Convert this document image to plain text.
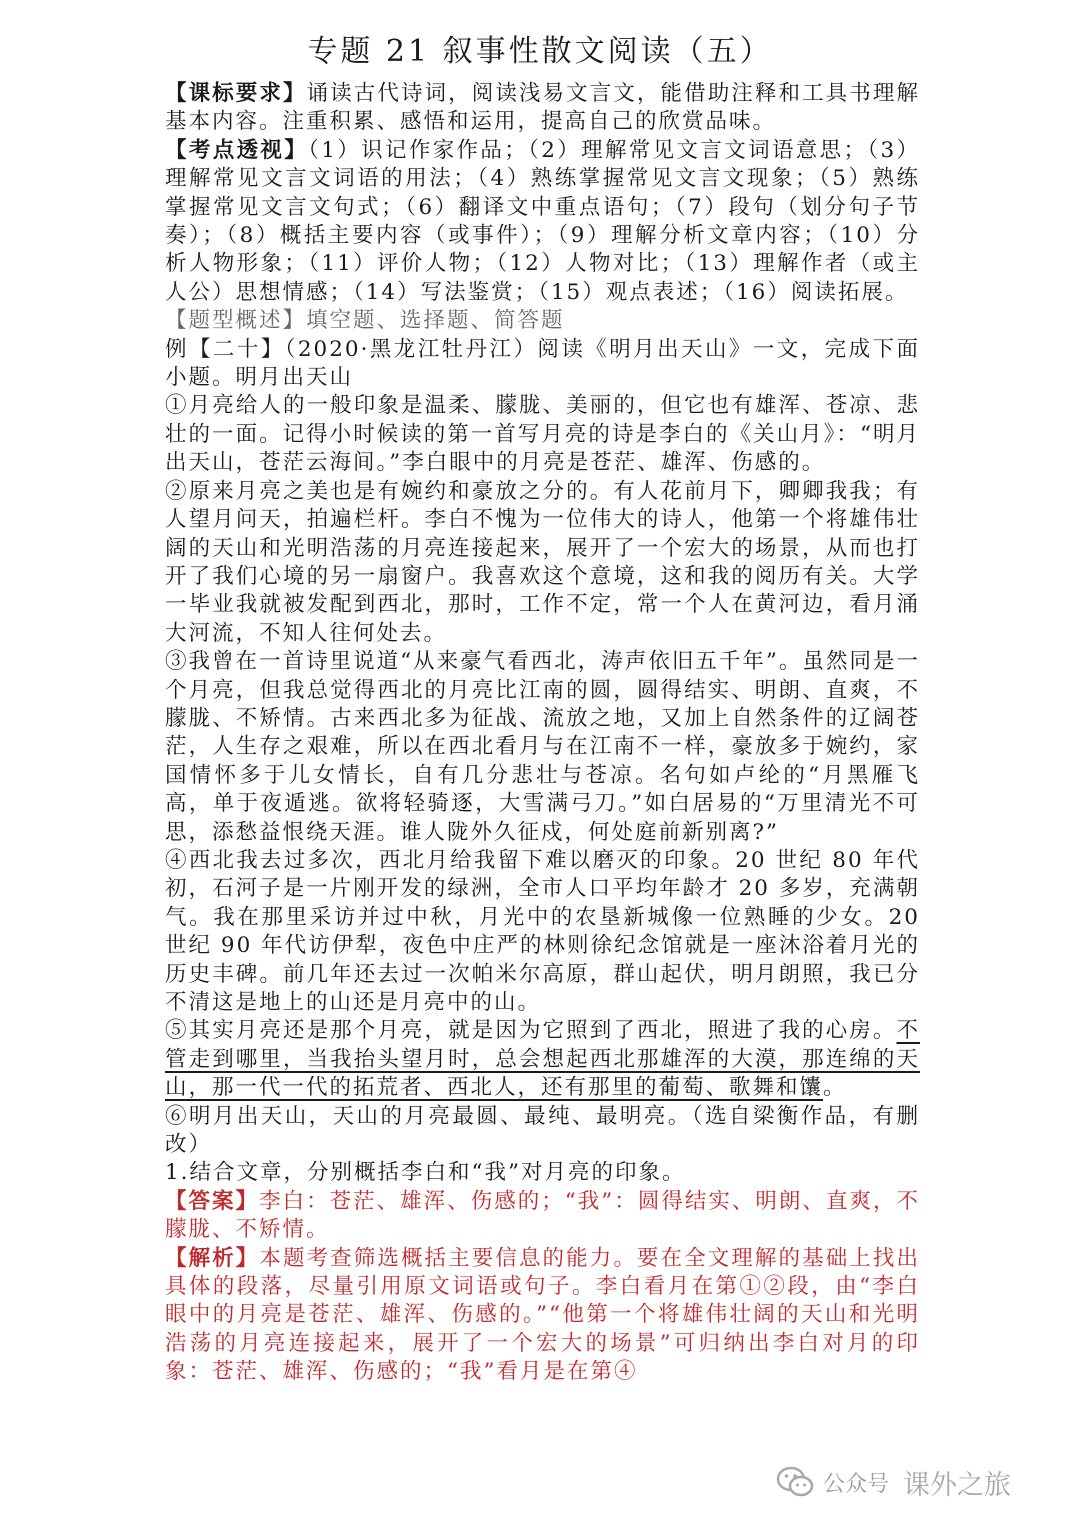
专题 21 叙事性散文阅读（五）

【课标要求】诵读古代诗词，阅读浅易文言文，能借助注释和工具书理解基本内容。注重积累、感悟和运用，提高自己的欣赏品味。

【考点透视】（1）识记作家作品；（2）理解常见文言文词语意思；（3）理解常见文言文词语的用法；（4）熟练掌握常见文言文现象；（5）熟练掌握常见文言文句式；（6）翻译文中重点语句；（7）段句（划分句子节奏）；（8）概括主要内容（或事件）；（9）理解分析文章内容；（10）分析人物形象；（11）评价人物；（12）人物对比；（13）理解作者（或主人公）思想情感；（14）写法鉴赏；（15）观点表述；（16）阅读拓展。

【题型概述】填空题、选择题、简答题

例【二十】（2020·黑龙江牡丹江）阅读《明月出天山》一文，完成下面小题。明月出天山

①月亮给人的一般印象是温柔、朦胧、美丽的，但它也有雄浑、苍凉、悲壮的一面。记得小时候读的第一首写月亮的诗是李白的《关山月》：“明月出天山，苍茫云海间。”李白眼中的月亮是苍茫、雄浑、伤感的。

②原来月亮之美也是有婉约和豪放之分的。有人花前月下，卿卿我我；有人望月问天，拍遍栏杆。李白不愧为一位伟大的诗人，他第一个将雄伟壮阔的天山和光明浩荡的月亮连接起来，展开了一个宏大的场景，从而也打开了我们心境的另一扇窗户。我喜欢这个意境，这和我的阅历有关。大学一毕业我就被发配到西北，那时，工作不定，常一个人在黄河边，看月涌大河流，不知人往何处去。

③我曾在一首诗里说道“从来豪气看西北，涛声依旧五千年”。虽然同是一个月亮，但我总觉得西北的月亮比江南的圆，圆得结实、明朗、直爽，不朦胧、不矫情。古来西北多为征战、流放之地，又加上自然条件的辽阔苍茫，人生存之艰难，所以在西北看月与在江南不一样，豪放多于婉约，家国情怀多于儿女情长，自有几分悲壮与苍凉。名句如卢纶的“月黑雁飞高，单于夜遁逃。欲将轻骑逐，大雪满弓刀。”如白居易的“万里清光不可思，添愁益恨绕天涯。谁人陇外久征戍，何处庭前新别离?”

④西北我去过多次，西北月给我留下难以磨灭的印象。20 世纪 80 年代初，石河子是一片刚开发的绿洲，全市人口平均年龄才 20 多岁，充满朝气。我在那里采访并过中秋，月光中的农垦新城像一位熟睡的少女。20 世纪 90 年代访伊犁，夜色中庄严的林则徐纪念馆就是一座沐浴着月光的历史丰碑。前几年还去过一次帕米尔高原，群山起伏，明月朗照，我已分不清这是地上的山还是月亮中的山。

⑤其实月亮还是那个月亮，就是因为它照到了西北，照进了我的心房。不管走到哪里，当我抬头望月时，总会想起西北那雄浑的大漠，那连绵的天山，那一代一代的拓荒者、西北人，还有那里的葡萄、歌舞和馕。

⑥明月出天山，天山的月亮最圆、最纯、最明亮。（选自梁衡作品，有删改）

1.结合文章，分别概括李白和“我”对月亮的印象。

【答案】李白：苍茫、雄浑、伤感的；“我”：圆得结实、明朗、直爽，不朦胧、不矫情。

【解析】本题考查筛选概括主要信息的能力。要在全文理解的基础上找出具体的段落，尽量引用原文词语或句子。李白看月在第①②段，由“李白眼中的月亮是苍茫、雄浑、伤感的。”“他第一个将雄伟壮阔的天山和光明浩荡的月亮连接起来，展开了一个宏大的场景”可归纳出李白对月的印象：苍茫、雄浑、伤感的；“我”看月是在第④

公众号 课外之旅
